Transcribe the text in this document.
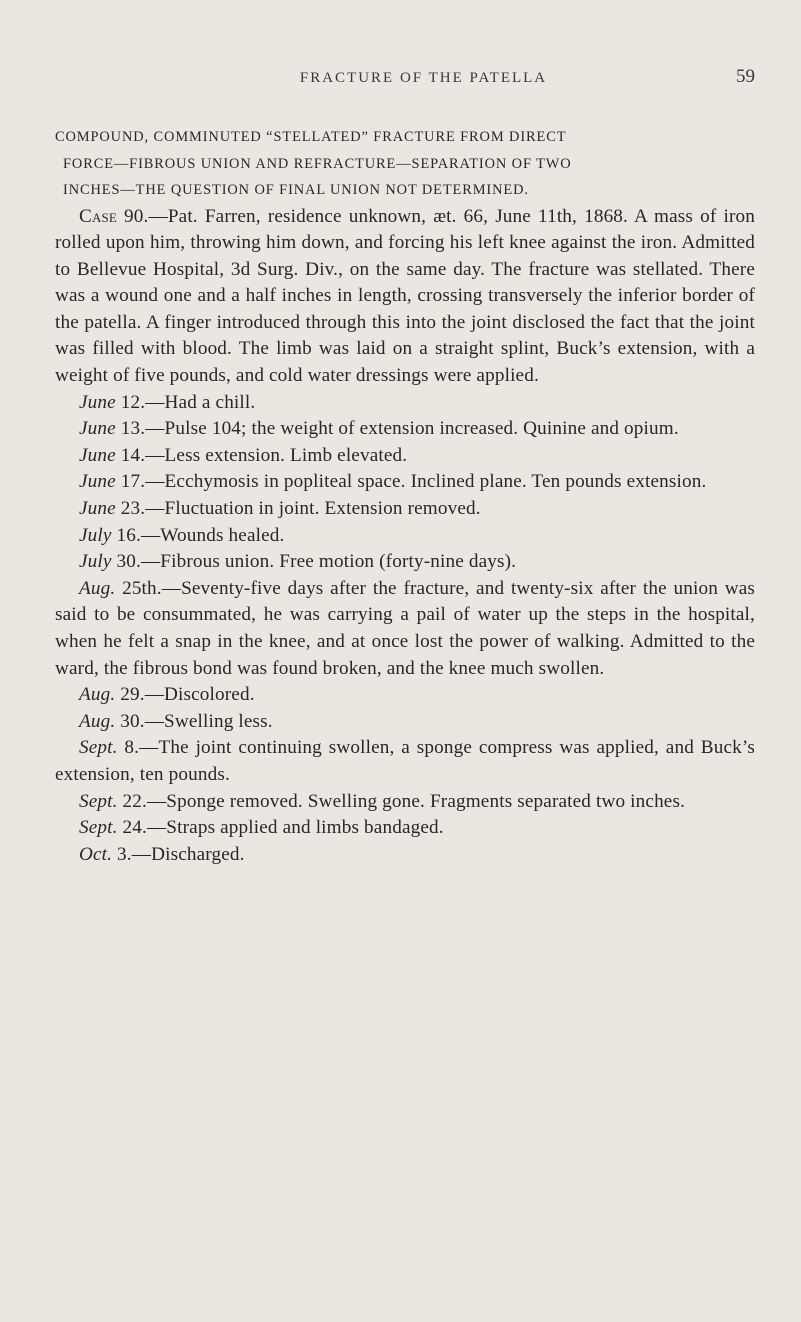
FRACTURE OF THE PATELLA	59
COMPOUND, COMMINUTED “STELLATED” FRACTURE FROM DIRECT
FORCE—FIBROUS UNION AND REFRACTURE—SEPARATION OF TWO
INCHES—THE QUESTION OF FINAL UNION NOT DETERMINED.

Case 90.—Pat. Farren, residence unknown, æt. 66, June 11th, 1868. A mass of iron rolled upon him, throwing him down, and forcing his left knee against the iron. Admitted to Bellevue Hospital, 3d Surg. Div., on the same day. The fracture was stellated. There was a wound one and a half inches in length, crossing transversely the inferior border of the patella. A finger introduced through this into the joint disclosed the fact that the joint was filled with blood. The limb was laid on a straight splint, Buck’s extension, with a weight of five pounds, and cold water dressings were applied.

June 12.—Had a chill.

June 13.—Pulse 104; the weight of extension increased. Quinine and opium.

June 14.—Less extension. Limb elevated.

June 17.—Ecchymosis in popliteal space. Inclined plane. Ten pounds extension.

June 23.—Fluctuation in joint. Extension removed.

July 16.—Wounds healed.

July 30.—Fibrous union. Free motion (forty-nine days).

Aug. 25th.—Seventy-five days after the fracture, and twenty-six after the union was said to be consummated, he was carrying a pail of water up the steps in the hospital, when he felt a snap in the knee, and at once lost the power of walking. Admitted to the ward, the fibrous bond was found broken, and the knee much swollen.

Aug. 29.—Discolored.

Aug. 30.—Swelling less.

Sept. 8.—The joint continuing swollen, a sponge compress was applied, and Buck’s extension, ten pounds.

Sept. 22.—Sponge removed. Swelling gone. Fragments separated two inches.

Sept. 24.—Straps applied and limbs bandaged.

Oct. 3.—Discharged.
